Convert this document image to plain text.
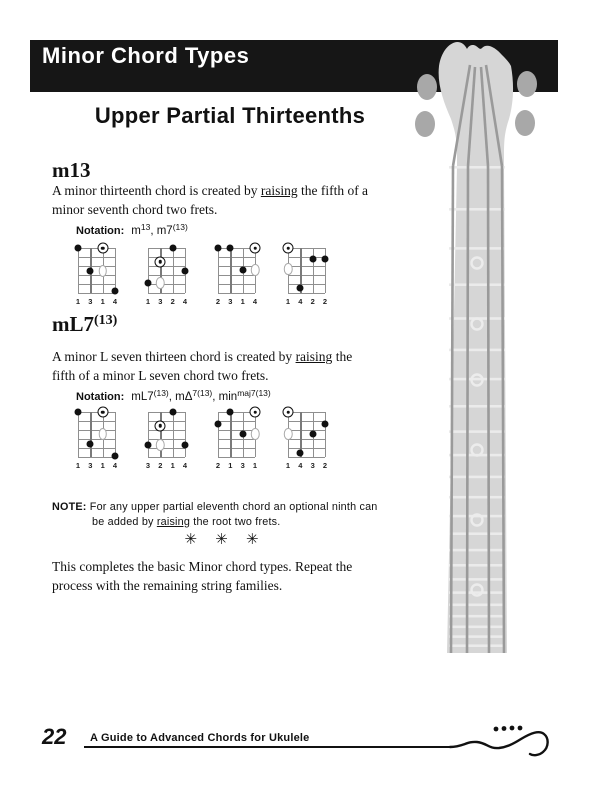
Minor Chord Types
Upper Partial Thirteenths
m13
A minor thirteenth chord is created by raising the fifth of a
minor seventh chord two frets.
Notation: $m^{13}$, m7$^{(13)}$
1 3 1 4	1 3 2 4	2 3 1 4	1 4 2 2
mL7$^{(13)}$
A minor L seven thirteen chord is created by raising the
fifth of a minor L seven chord two frets.
Notation: mL7$^{(13)}$, $m\Delta^{7(13)}$, $\min^{maj7(13)}$
1 3 1 4	3 2 1 4	2 1 3 1	1 4 3 2
NOTE: For any upper partial eleventh chord an optional ninth can
be added by raising the root two frets.
✳ ✳ ✳
This completes the basic Minor chord types. Repeat the
process with the remaining string families.
22 A Guide to Advanced Chords for Ukulele
